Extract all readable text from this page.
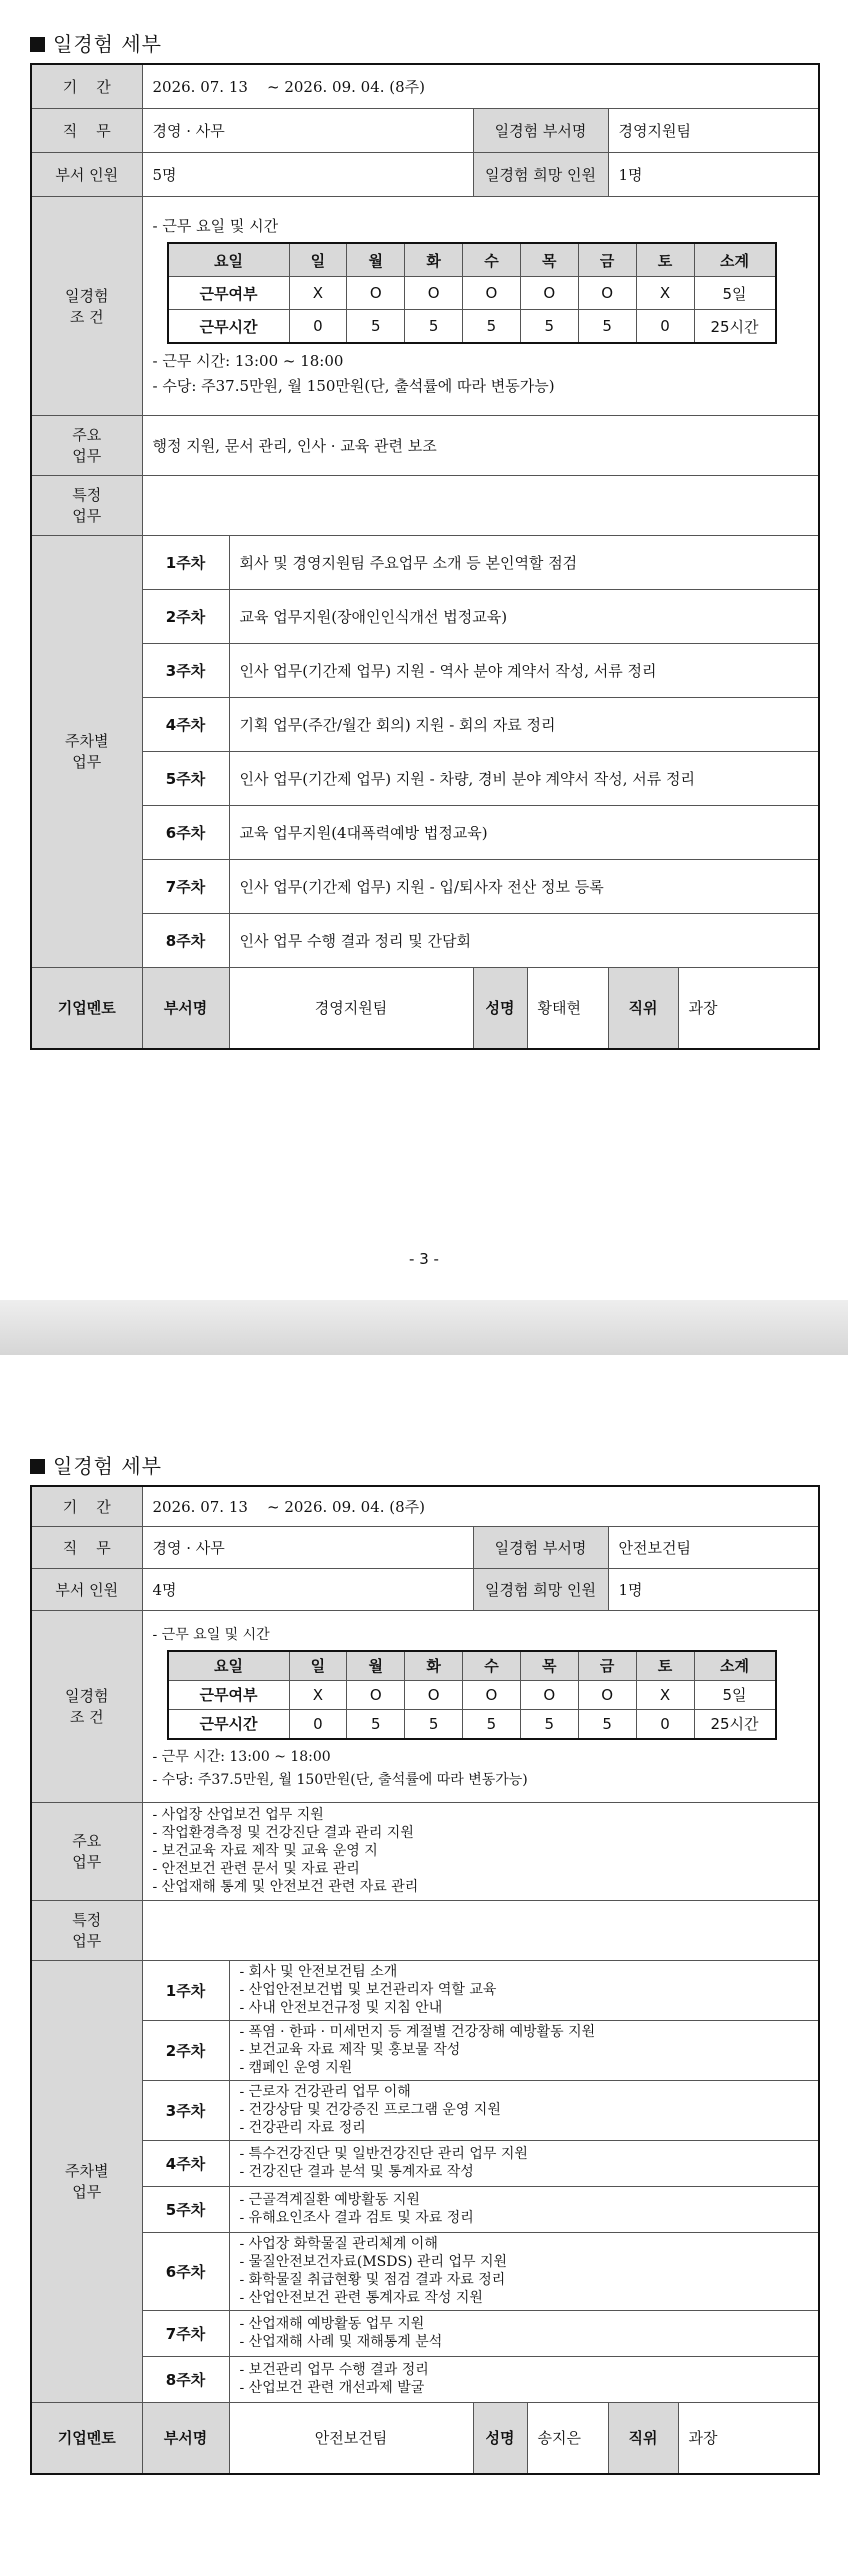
일경험 세부
기    간	2026. 07. 13    ~ 2026. 09. 04. (8주)
직    무	경영 · 사무	일경험 부서명	경영지원팀
부서 인원	5명	일경험 희망 인원	1명
일경험
조 건	
- 근무 요일 및 시간
요일	일	월	화	수	목	금	토	소계
근무여부	X	O	O	O	O	O	X	5일
근무시간	0	5	5	5	5	5	0	25시간
- 근무 시간: 13:00 ~ 18:00
- 수당: 주37.5만원, 월 150만원(단, 출석률에 따라 변동가능)

주요
업무	행정 지원, 문서 관리, 인사 · 교육 관련 보조
특정
업무	
주차별
업무	1주차	회사 및 경영지원팀 주요업무 소개 등 본인역할 점검
2주차	교육 업무지원(장애인인식개선 법정교육)
3주차	인사 업무(기간제 업무) 지원 - 역사 분야 계약서 작성, 서류 정리
4주차	기획 업무(주간/월간 회의) 지원 - 회의 자료 정리
5주차	인사 업무(기간제 업무) 지원 - 차량, 경비 분야 계약서 작성, 서류 정리
6주차	교육 업무지원(4대폭력예방 법정교육)
7주차	인사 업무(기간제 업무) 지원 - 입/퇴사자 전산 정보 등록
8주차	인사 업무 수행 결과 정리 및 간담회
기업멘토	부서명	경영지원팀	성명	황태현	직위	과장
- 3 -
일경험 세부
기    간	2026. 07. 13    ~ 2026. 09. 04. (8주)
직    무	경영 · 사무	일경험 부서명	안전보건팀
부서 인원	4명	일경험 희망 인원	1명
일경험
조 건	
- 근무 요일 및 시간
요일	일	월	화	수	목	금	토	소계
근무여부	X	O	O	O	O	O	X	5일
근무시간	0	5	5	5	5	5	0	25시간
- 근무 시간: 13:00 ~ 18:00
- 수당: 주37.5만원, 월 150만원(단, 출석률에 따라 변동가능)

주요
업무	
- 사업장 산업보건 업무 지원
- 작업환경측정 및 건강진단 결과 관리 지원
- 보건교육 자료 제작 및 교육 운영 지
- 안전보건 관련 문서 및 자료 관리
- 산업재해 통계 및 안전보건 관련 자료 관리

특정
업무	
주차별
업무	1주차	
- 회사 및 안전보건팀 소개
- 산업안전보건법 및 보건관리자 역할 교육
- 사내 안전보건규정 및 지침 안내

2주차	
- 폭염 · 한파 · 미세먼지 등 계절별 건강장해 예방활동 지원
- 보건교육 자료 제작 및 홍보물 작성
- 캠페인 운영 지원

3주차	
- 근로자 건강관리 업무 이해
- 건강상담 및 건강증진 프로그램 운영 지원
- 건강관리 자료 정리

4주차	
- 특수건강진단 및 일반건강진단 관리 업무 지원
- 건강진단 결과 분석 및 통계자료 작성

5주차	
- 근골격계질환 예방활동 지원
- 유해요인조사 결과 검토 및 자료 정리

6주차	
- 사업장 화학물질 관리체계 이해
- 물질안전보건자료(MSDS) 관리 업무 지원
- 화학물질 취급현황 및 점검 결과 자료 정리
- 산업안전보건 관련 통계자료 작성 지원

7주차	
- 산업재해 예방활동 업무 지원
- 산업재해 사례 및 재해통계 분석

8주차	
- 보건관리 업무 수행 결과 정리
- 산업보건 관련 개선과제 발굴

기업멘토	부서명	안전보건팀	성명	송지은	직위	과장
